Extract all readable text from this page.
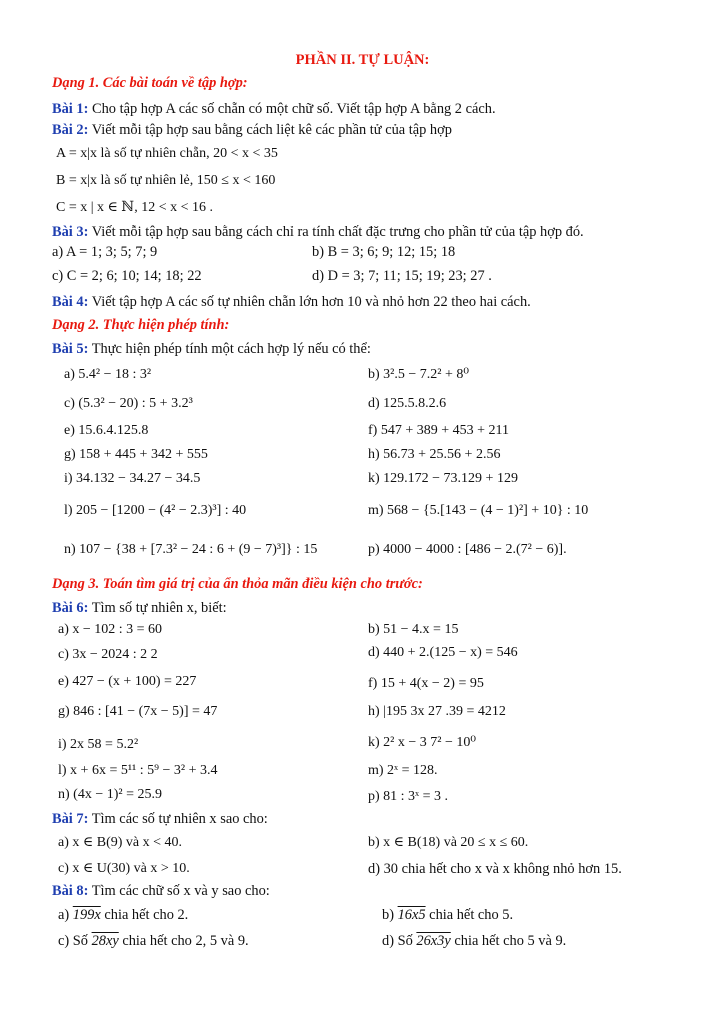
PHẦN II. TỰ LUẬN:
Dạng 1. Các bài toán về tập hợp:
Bài 1: Cho tập hợp A các số chẵn có một chữ số. Viết tập hợp A bằng 2 cách.
Bài 2: Viết mỗi tập hợp sau bằng cách liệt kê các phần tử của tập hợp
A = x|x là số tự nhiên chẵn, 20 < x < 35
B = x|x là số tự nhiên lẻ, 150 ≤ x < 160
C = x | x ∈ ℕ, 12 < x < 16 .
Bài 3: Viết mỗi tập hợp sau bằng cách chỉ ra tính chất đặc trưng cho phần tử của tập hợp đó.
a) A = 1; 3; 5; 7; 9	b) B = 3; 6; 9; 12; 15; 18
c) C = 2; 6; 10; 14; 18; 22	d) D = 3; 7; 11; 15; 19; 23; 27 .
Bài 4: Viết tập hợp A các số tự nhiên chẵn lớn hơn 10 và nhỏ hơn 22 theo hai cách.
Dạng 2. Thực hiện phép tính:
Bài 5: Thực hiện phép tính một cách hợp lý nếu có thể:
a) 5.4² − 18 : 3²	b) 3².5 − 7.2² + 8⁰
c) (5.3² − 20) : 5 + 3.2³	d) 125.5.8.2.6
e) 15.6.4.125.8	f) 547 + 389 + 453 + 211
g) 158 + 445 + 342 + 555	h) 56.73 + 25.56 + 2.56
i) 34.132 − 34.27 − 34.5	k) 129.172 − 73.129 + 129
l) 205 − [1200 − (4² − 2.3)³] : 40	m) 568 − {5.[143 − (4 − 1)²] + 10} : 10
n) 107 − {38 + [7.3² − 24 : 6 + (9 − 7)³]} : 15	p) 4000 − 4000 : [486 − 2.(7² − 6)].
Dạng 3. Toán tìm giá trị của ẩn thỏa mãn điều kiện cho trước:
Bài 6: Tìm số tự nhiên x, biết:
a) x − 102 : 3 = 60	b) 51 − 4.x = 15
c) 3x − 2024 : 2 2	d) 440 + 2.(125 − x) = 546
e) 427 − (x + 100) = 227	f) 15 + 4(x − 2) = 95
g) 846 : [41 − (7x − 5)] = 47	h) |195 3x 27 .39 = 4212
i) 2x 58 = 5.2²	k) 2² x − 3 7² − 10⁰
l) x + 6x = 5¹¹ : 5⁹ − 3² + 3.4	m) 2ˣ = 128.
n) (4x − 1)² = 25.9	p) 81 : 3ˣ = 3 .
Bài 7: Tìm các số tự nhiên x sao cho:
a) x ∈ B(9) và x < 40.	b) x ∈ B(18) và 20 ≤ x ≤ 60.
c) x ∈ U(30) và x > 10.	d) 30 chia hết cho x và x không nhỏ hơn 15.
Bài 8: Tìm các chữ số x và y sao cho:
a) 199x chia hết cho 2.	b) 16x5 chia hết cho 5.
c) Số 28xy chia hết cho 2, 5 và 9.	d) Số 26x3y chia hết cho 5 và 9.
